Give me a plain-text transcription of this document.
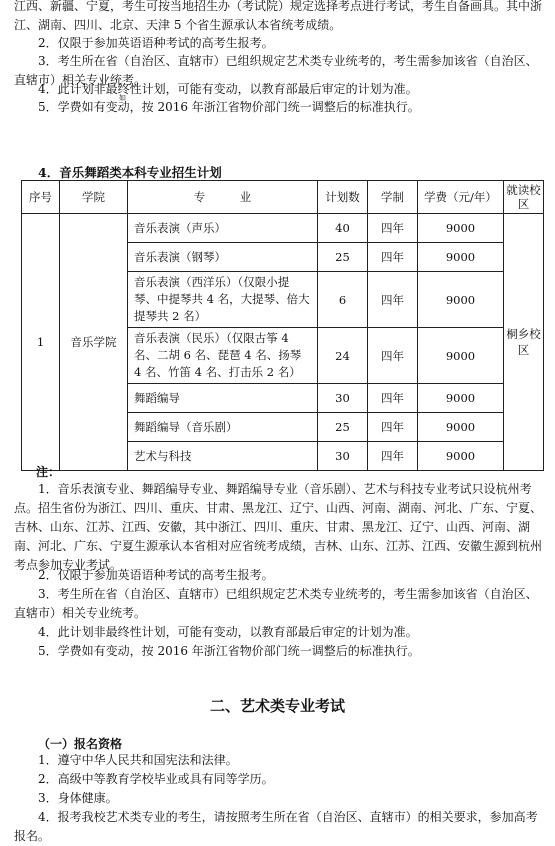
江西、新疆、宁夏，考生可按当地招生办（考试院）规定选择考点进行考试，考生自备画具。其中浙江、湖南、四川、北京、天津 5 个省生源承认本省统考成绩。

2．仅限于参加英语语种考试的高考生报考。

3．考生所在省（自治区、直辖市）已组织规定艺术类专业统考的，考生需参加该省（自治区、直辖市）相关专业统考。

4．此计划非最终性计划，可能有变动，以教育部最后审定的计划为准。

如

5．学费如有变动，按 2016 年浙江省物价部门统一调整后的标准执行。

4．音乐舞蹈类本科专业招生计划
序号	学院	专　　　业	计划数	学制	学费（元/年）	就读校区
1	音乐学院	音乐表演（声乐）	40	四年	9000	桐乡校区
		音乐表演（钢琴）	25	四年	9000	
		音乐表演（西洋乐）（仅限小提琴、中提琴共 4 名，大提琴、倍大提琴共 2 名）	6	四年	9000	
		音乐表演（民乐）（仅限古筝 4 名、二胡 6 名、琵琶 4 名、扬琴 4 名、竹笛 4 名、打击乐 2 名）	24	四年	9000	
		舞蹈编导	30	四年	9000	
		舞蹈编导（音乐剧）	25	四年	9000	
		艺术与科技	30	四年	9000	
注：

1．音乐表演专业、舞蹈编导专业、舞蹈编导专业（音乐剧）、艺术与科技专业考试只设杭州考点。招生省份为浙江、四川、重庆、甘肃、黑龙江、辽宁、山西、河南、湖南、河北、广东、宁夏、吉林、山东、江苏、江西、安徽，其中浙江、四川、重庆、甘肃、黑龙江、辽宁、山西、河南、湖南、河北、广东、宁夏生源承认本省相对应省统考成绩，吉林、山东、江苏、江西、安徽生源到杭州考点参加专业考试。

2．仅限于参加英语语种考试的高考生报考。

3．考生所在省（自治区、直辖市）已组织规定艺术类专业统考的，考生需参加该省（自治区、直辖市）相关专业统考。

4．此计划非最终性计划，可能有变动，以教育部最后审定的计划为准。

5．学费如有变动，按 2016 年浙江省物价部门统一调整后的标准执行。

二、艺术类专业考试
（一）报名资格

1．遵守中华人民共和国宪法和法律。

2．高级中等教育学校毕业或具有同等学历。

3．身体健康。

4．报考我校艺术类专业的考生，请按照考生所在省（自治区、直辖市）的相关要求，参加高考报名。
